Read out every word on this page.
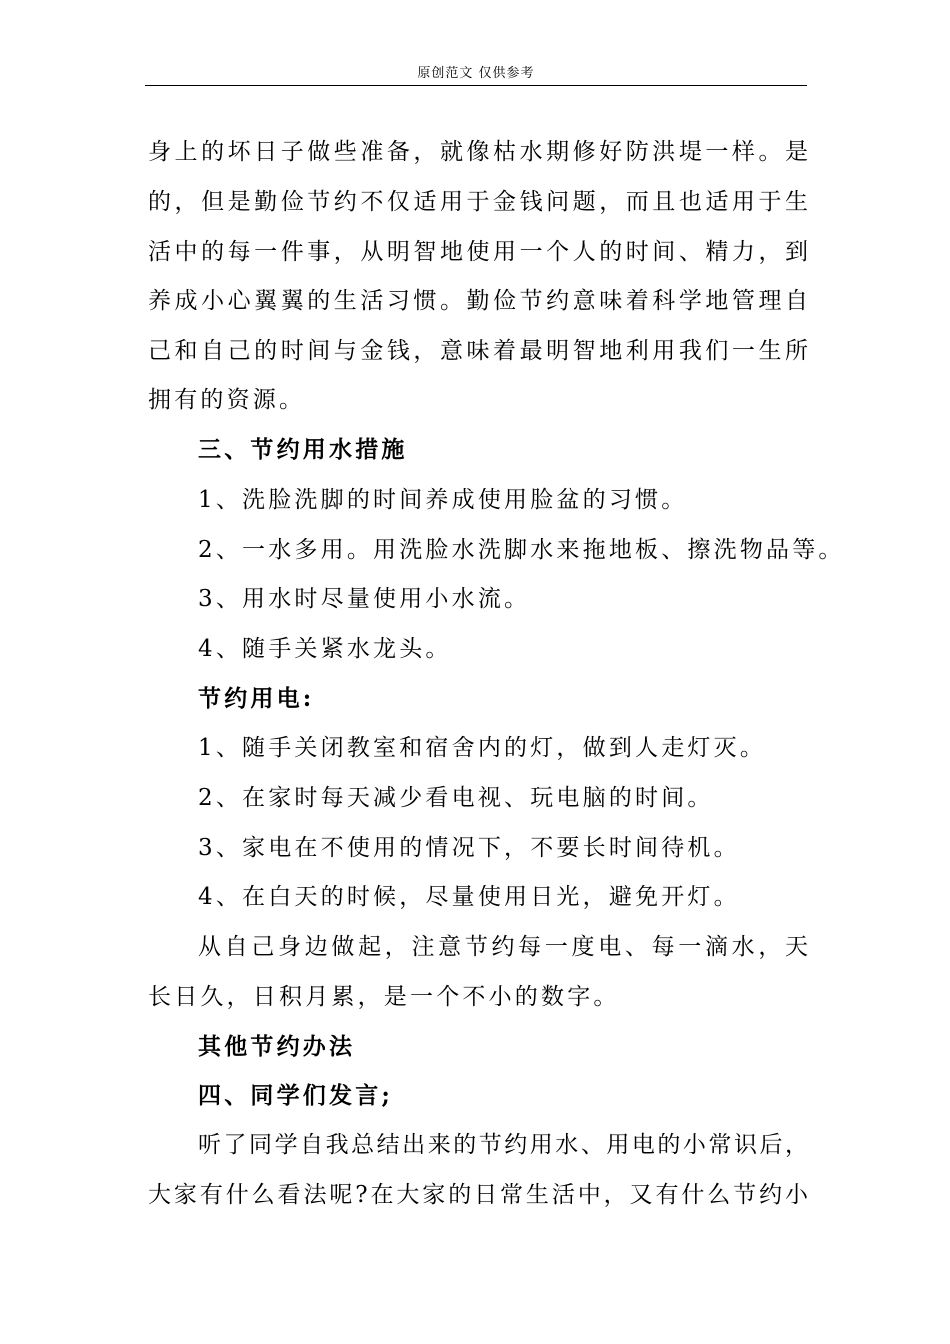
原创范文 仅供参考
身上的坏日子做些准备，就像枯水期修好防洪堤一样。是
的，但是勤俭节约不仅适用于金钱问题，而且也适用于生
活中的每一件事，从明智地使用一个人的时间、精力，到
养成小心翼翼的生活习惯。勤俭节约意味着科学地管理自
己和自己的时间与金钱，意味着最明智地利用我们一生所
拥有的资源。
三、节约用水措施
1、洗脸洗脚的时间养成使用脸盆的习惯。
2、一水多用。用洗脸水洗脚水来拖地板、擦洗物品等。
3、用水时尽量使用小水流。
4、随手关紧水龙头。
节约用电:
1、随手关闭教室和宿舍内的灯，做到人走灯灭。
2、在家时每天减少看电视、玩电脑的时间。
3、家电在不使用的情况下，不要长时间待机。
4、在白天的时候，尽量使用日光，避免开灯。
从自己身边做起，注意节约每一度电、每一滴水，天
长日久，日积月累，是一个不小的数字。
其他节约办法
四、同学们发言;
听了同学自我总结出来的节约用水、用电的小常识后，
大家有什么看法呢?在大家的日常生活中，又有什么节约小
